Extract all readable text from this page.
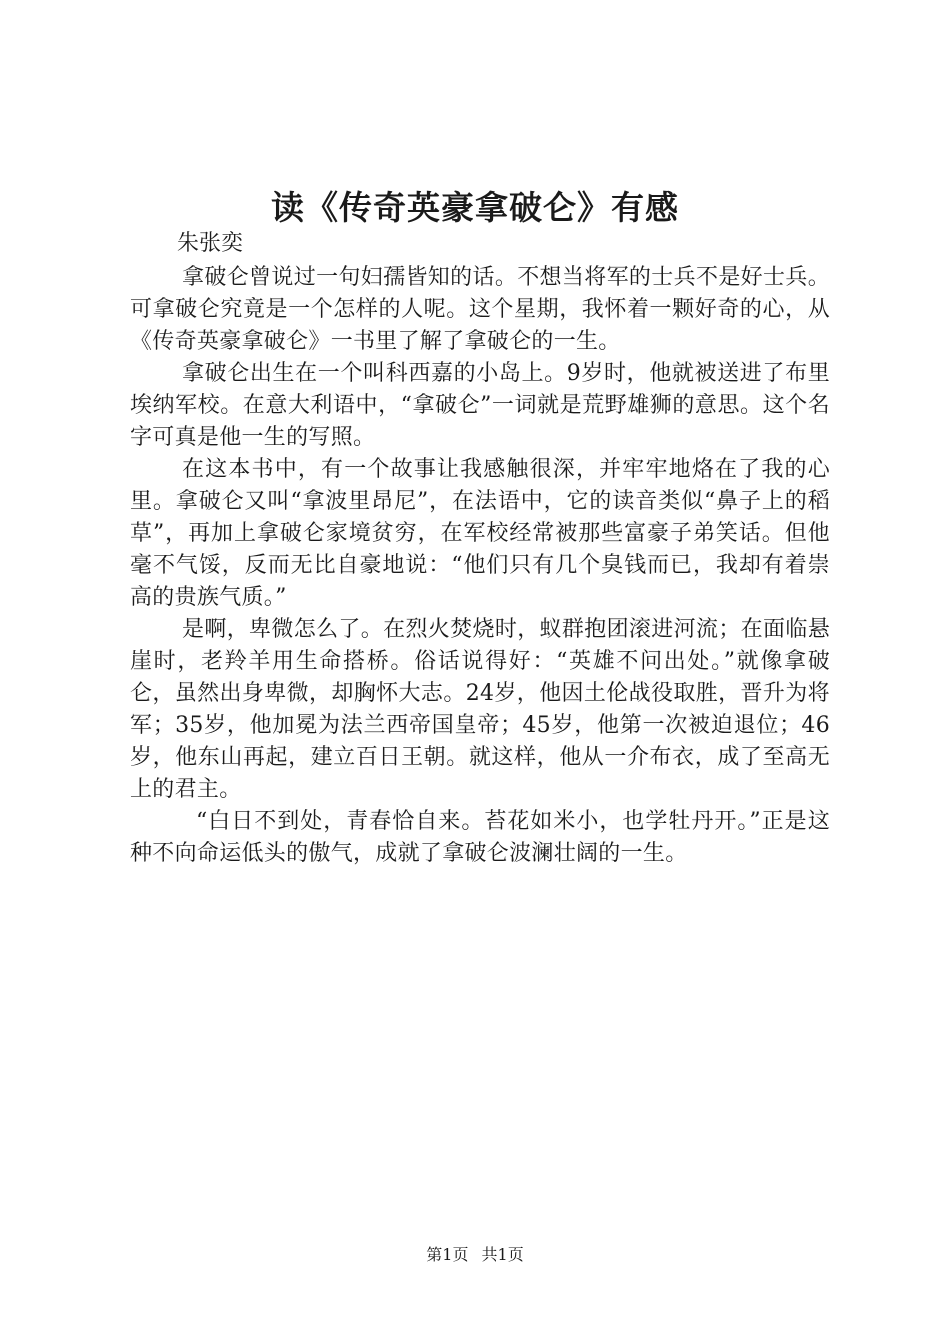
读《传奇英豪拿破仑》有感

朱张奕

拿破仑曾说过一句妇孺皆知的话。不想当将军的士兵不是好士兵。可拿破仑究竟是一个怎样的人呢。这个星期，我怀着一颗好奇的心，从《传奇英豪拿破仑》一书里了解了拿破仑的一生。

拿破仑出生在一个叫科西嘉的小岛上。9岁时，他就被送进了布里埃纳军校。在意大利语中，“拿破仑”一词就是荒野雄狮的意思。这个名字可真是他一生的写照。

在这本书中，有一个故事让我感触很深，并牢牢地烙在了我的心里。拿破仑又叫“拿波里昂尼”，在法语中，它的读音类似“鼻子上的稻草”，再加上拿破仑家境贫穷，在军校经常被那些富豪子弟笑话。但他毫不气馁，反而无比自豪地说：“他们只有几个臭钱而已，我却有着崇高的贵族气质。”

是啊，卑微怎么了。在烈火焚烧时，蚁群抱团滚进河流；在面临悬崖时，老羚羊用生命搭桥。俗话说得好：“英雄不问出处。”就像拿破仑，虽然出身卑微，却胸怀大志。24岁，他因土伦战役取胜，晋升为将军；35岁，他加冕为法兰西帝国皇帝；45岁，他第一次被迫退位；46岁，他东山再起，建立百日王朝。就这样，他从一介布衣，成了至高无上的君主。

“白日不到处，青春恰自来。苔花如米小，也学牡丹开。”正是这种不向命运低头的傲气，成就了拿破仑波澜壮阔的一生。

第1页 共1页
